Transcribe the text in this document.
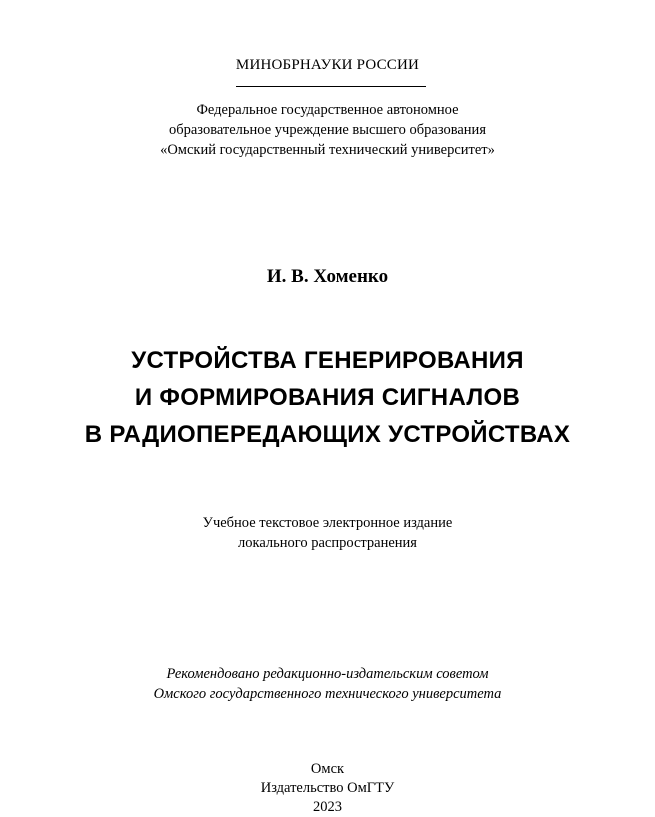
МИНОБРНАУКИ РОССИИ
Федеральное государственное автономное
образовательное учреждение высшего образования
«Омский государственный технический университет»
И. В. Хоменко
УСТРОЙСТВА ГЕНЕРИРОВАНИЯ
И ФОРМИРОВАНИЯ СИГНАЛОВ
В РАДИОПЕРЕДАЮЩИХ УСТРОЙСТВАХ
Учебное текстовое электронное издание
локального распространения
Рекомендовано редакционно-издательским советом
Омского государственного технического университета
Омск
Издательство ОмГТУ
2023
